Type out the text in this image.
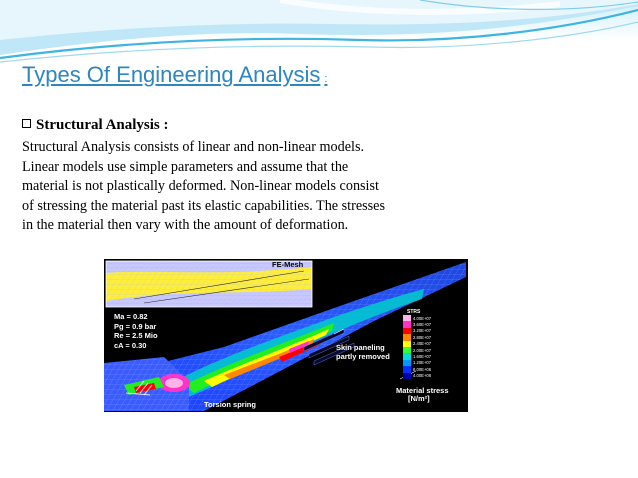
Types Of Engineering Analysis :
Structural Analysis :
Structural Analysis consists of linear and non-linear models.
Linear models use simple parameters and assume that the
material is not plastically deformed. Non-linear models consist
of stressing the material past its elastic capabilities. The stresses
in the material then vary with the amount of deformation.
FE-Mesh
Ma = 0.82
Pg = 0.9 bar
Re = 2.5 Mio
cA = 0.30	Skin paneling
partly removed
Torsion spring
STRS
4.00E+07
3.60E+07
3.20E+07
2.80E+07
2.40E+07
2.00E+07
1.60E+07
1.20E+07
8.00E+06
4.00E+06
Material stress
[N/m²]
